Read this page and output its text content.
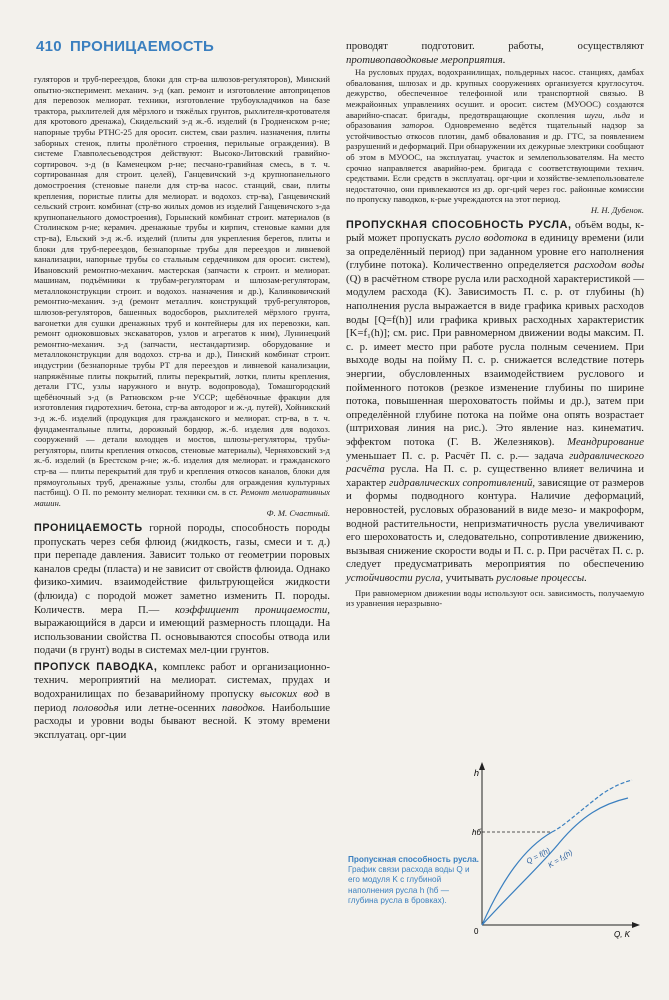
410 ПРОНИЦАЕМОСТЬ

гуляторов и труб-переездов, блоки для стр-ва шлюзов-регуляторов), Минский опытно-эксперимент. механич. з-д (кап. ремонт и изготовление автоприцепов для перевозок мелиорат. техники, изготовление трубоукладчиков на базе трактора, рыхлителей для мёрзлого и тяжёлых грунтов, рыхлителя-кротователя для кротового дренажа), Скидельский з-д ж.-б. изделий (в Гродненском р-не; напорные трубы РТНС-25 для оросит. систем, сваи различ. назначения, плиты заборных стенок, плиты пролётного строения, перильные ограждения). В системе Главполесьеводстроя действуют: Высоко-Литовский гравийно-сортировоч. з-д (в Каменецком р-не; песчано-гравийная смесь, в т. ч. сортированная для строит. целей), Ганцевичский з-д крупнопанельного домостроения (стеновые панели для стр-ва насос. станций, сваи, плиты крепления, пористые плиты для мелиорат. и водохоз. стр-ва), Ганцевичский сельский строит. комбинат (стр-во жилых домов из изделий Ганцевичского з-да крупнопанельного домостроения), Горынский комбинат строит. материалов (в Столинском р-не; керамич. дренажные трубы и кирпич, стеновые камни для стр-ва), Ельский з-д ж.-б. изделий (плиты для укрепления берегов, плиты и блоки для труб-переездов, безнапорные трубы для переездов и ливневой канализации, напорные трубы со стальным сердечником для оросит. систем), Ивановский ремонтно-механич. мастерская (запчасти к строит. и мелиорат. машинам, подъёмники к трубам-регуляторам и шлюзам-регуляторам, металлоконструкции строит. и водохоз. назначения и др.), Калинковичский ремонтно-механич. з-д (ремонт металлич. конструкций труб-регуляторов, шлюзов-регуляторов, башенных водосборов, рыхлителей мёрзлого грунта, вагонетки для сушки дренажных труб и контейнеры для их перевозки, кап. ремонт одноковшовых экскаваторов, узлов и агрегатов к ним), Лунинецкий ремонтно-механич. з-д (запчасти, нестандартизир. оборудование и металлоконструкции для водохоз. стр-ва и др.), Пинский комбинат строит. индустрии (безнапорные трубы РТ для переездов и ливневой канализации, напряжённые плиты покрытий, плиты перекрытий, лотки, плиты крепления, детали ГТС, узлы наружного и внутр. водопровода), Томашгородский щебёночный з-д (в Ратновском р-не УССР; щебёночные фракции для изготовления гидротехнич. бетона, стр-ва автодорог и ж.-д. путей), Хойникский з-д ж.-б. изделий (продукция для гражданского и мелиорат. стр-ва, в т. ч. фундаментальные плиты, дорожный бордюр, ж.-б. изделия для водохоз. сооружений — детали колодцев и мостов, шлюзы-регуляторы, трубы-регуляторы, плиты крепления откосов, стеновые материалы), Черняховский з-д ж.-б. изделий (в Брестском р-не; ж.-б. изделия для мелиорат. и гражданского стр-ва — плиты перекрытий для труб и крепления откосов каналов, блоки для прямоугольных труб, дренажные узлы, столбы для ограждения культурных пастбищ). О П. по ремонту мелиорат. техники см. в ст. Ремонт мелиоративных машин.

Ф. М. Счастный.

ПРОНИЦАЕМОСТЬ горной породы, способность породы пропускать через себя флюид (жидкость, газы, смеси и т. д.) при перепаде давления. Зависит только от геометрии поровых каналов среды (пласта) и не зависит от свойств флюида. Однако физико-химич. взаимодействие фильтрующейся жидкости (флюида) с породой может заметно изменить П. породы. Количеств. мера П.— коэффициент проницаемости, выражающийся в дарси и имеющий размерность площади. На использовании свойства П. основываются способы отвода или подачи (в грунт) воды в системах мел-ции грунтов.

ПРОПУСК ПАВОДКА, комплекс работ и организационно-технич. мероприятий на мелиорат. системах, прудах и водохранилищах по безаварийному пропуску высоких вод в период половодья или летне-осенних паводков. Наибольшие расходы и уровни воды бывают весной. К этому времени эксплуатац. орг-ции

проводят подготовит. работы, осуществляют противопаводковые мероприятия.

На русловых прудах, водохранилищах, польдерных насос. станциях, дамбах обвалования, шлюзах и др. крупных сооружениях организуется круглосуточ. дежурство, обеспеченное телефонной или транспортной связью. В межрайонных управлениях осушит. и оросит. систем (МУООС) создаются аварийно-спасат. бригады, предотвращающие скопления шуги, льда и образования заторов. Одновременно ведётся тщательный надзор за устойчивостью откосов плотин, дамб обвалования и др. ГТС, за появлением разрушений и деформаций. При обнаружении их дежурные электрики сообщают об этом в МУООС, на эксплуатац. участок и землепользователям. На место срочно направляется аварийно-рем. бригада с соответствующими технич. средствами. Если средств в эксплуатац. орг-ции и хозяйстве-землепользователе недостаточно, они привлекаются из др. орг-ций через гос. районные комиссии по пропуску паводков, к-рые учреждаются на этот период.

Н. Н. Дубенок.

ПРОПУСКНАЯ СПОСОБНОСТЬ РУСЛА, объём воды, к-рый может пропускать русло водотока в единицу времени (или за определённый период) при заданном уровне его наполнения (глубине потока). Количественно определяется расходом воды (Q) в расчётном створе русла или расходной характеристикой — модулем расхода (K). Зависимость П. с. р. от глубины (h) наполнения русла выражается в виде графика кривых расходов воды [Q=f(h)] или графика кривых расходных характеристик [K=f₁(h)]; см. рис. При равномерном движении воды максим. П. с. р. имеет место при работе русла полным сечением. При выходе воды на пойму П. с. р. снижается вследствие потерь энергии, обусловленных взаимодействием руслового и пойменного потоков (резкое изменение глубины по ширине потока, повышенная шероховатость поймы и др.), затем при определённой глубине потока на пойме она опять возрастает (штриховая линия на рис.). Это явление наз. кинематич. эффектом потока (Г. В. Железняков). Меандрирование уменьшает П. с. р. Расчёт П. с. р.— задача гидравлического расчёта русла. На П. с. р. существенно влияет величина и характер гидравлических сопротивлений, зависящие от размеров и формы подводного контура. Наличие деформаций, неровностей, русловых образований в виде мезо- и макроформ, водной растительности, непризматичность русла увеличивают его шероховатость и, следовательно, сопротивление движению, вызывая снижение скорости воды и П. с. р. При расчётах П. с. р. следует предусматривать мероприятия по обеспечению устойчивости русла, учитывать русловые процессы.

При равномерном движении воды используют осн. зависимость, получаемую из уравнения неразрывно-

Пропускная способность русла. График связи расхода воды Q и его модуля K с глубиной наполнения русла h (hб — глубина русла в бровках).
h
hб
0	Q, K
Q = f(h)
K = f₁(h)
